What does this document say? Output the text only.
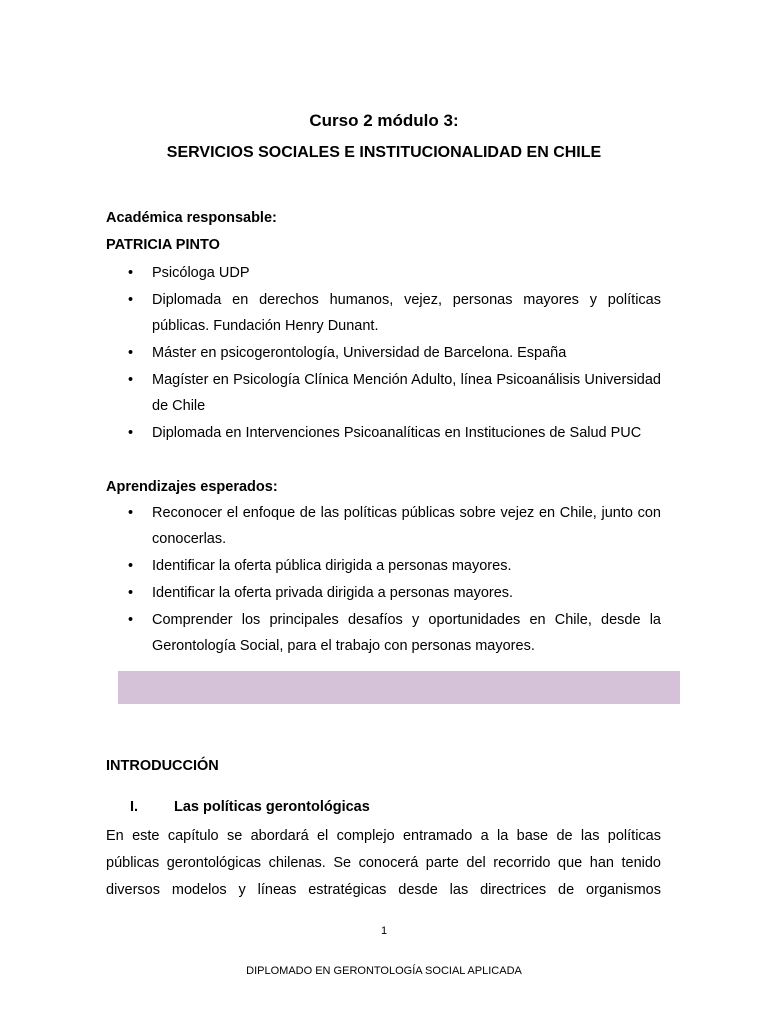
Curso 2 módulo 3:
SERVICIOS SOCIALES E INSTITUCIONALIDAD EN CHILE
Académica responsable:
PATRICIA PINTO
• Psicóloga UDP
• Diplomada en derechos humanos, vejez, personas mayores y políticas públicas. Fundación Henry Dunant.
• Máster en psicogerontología, Universidad de Barcelona. España
• Magíster en Psicología Clínica Mención Adulto, línea Psicoanálisis Universidad de Chile
• Diplomada en Intervenciones Psicoanalíticas en Instituciones de Salud PUC
Aprendizajes esperados:
• Reconocer el enfoque de las políticas públicas sobre vejez en Chile, junto con conocerlas.
• Identificar la oferta pública dirigida a personas mayores.
• Identificar la oferta privada dirigida a personas mayores.
• Comprender los principales desafíos y oportunidades en Chile, desde la Gerontología Social, para el trabajo con personas mayores.
INTRODUCCIÓN
I. Las políticas gerontológicas
En este capítulo se abordará el complejo entramado a la base de las políticas
públicas gerontológicas chilenas. Se conocerá parte del recorrido que han tenido
diversos modelos y líneas estratégicas desde las directrices de organismos
1
DIPLOMADO EN GERONTOLOGÍA SOCIAL APLICADA
